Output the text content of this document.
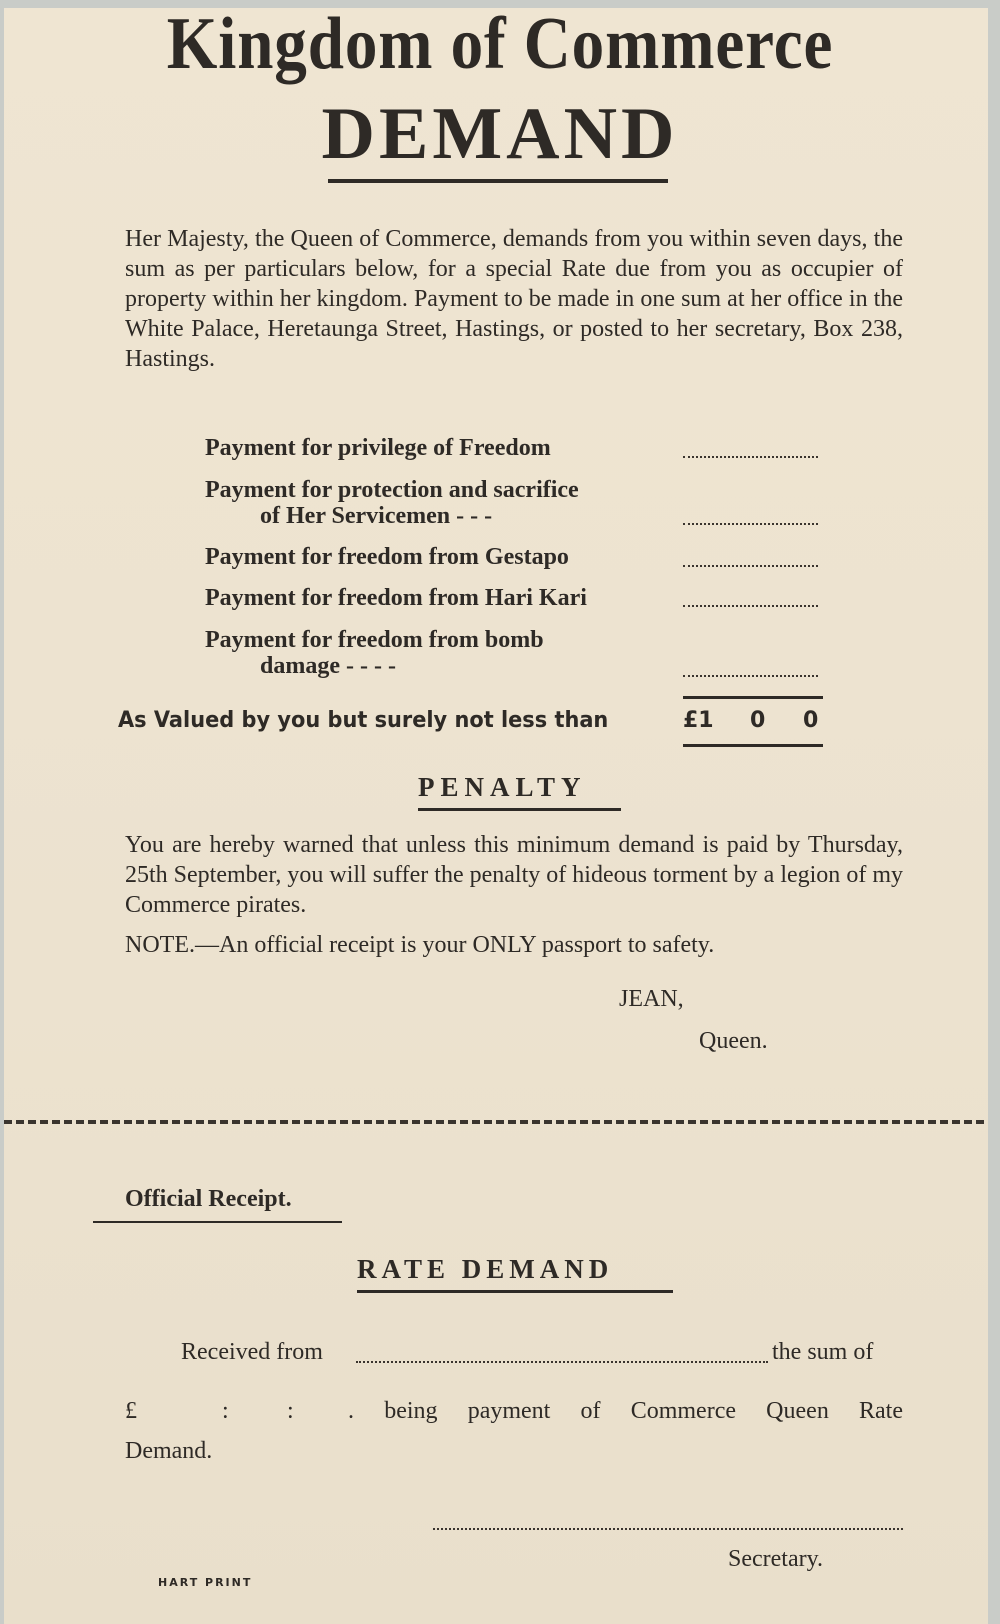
Kingdom of Commerce
DEMAND
Her Majesty, the Queen of Commerce, demands from you within seven days, the sum as per particulars below, for a special Rate due from you as occupier of property within her kingdom. Payment to be made in one sum at her office in the White Palace, Heretaunga Street, Hastings, or posted to her secretary, Box 238, Hastings.
Payment for privilege of Freedom
Payment for protection and sacrifice
of Her Servicemen - - -
Payment for freedom from Gestapo
Payment for freedom from Hari Kari
Payment for freedom from bomb
damage - - - -
As Valued by you but surely not less than	£1 0 0
PENALTY
You are hereby warned that unless this minimum demand is paid by Thursday, 25th September, you will suffer the penalty of hideous torment by a legion of my Commerce pirates.
NOTE.—An official receipt is your ONLY passport to safety.
JEAN,
Queen.
Official Receipt.
RATE DEMAND
Received from	the sum of
£	: : . being payment of Commerce Queen Rate
Demand.
Secretary.
HART PRINT
